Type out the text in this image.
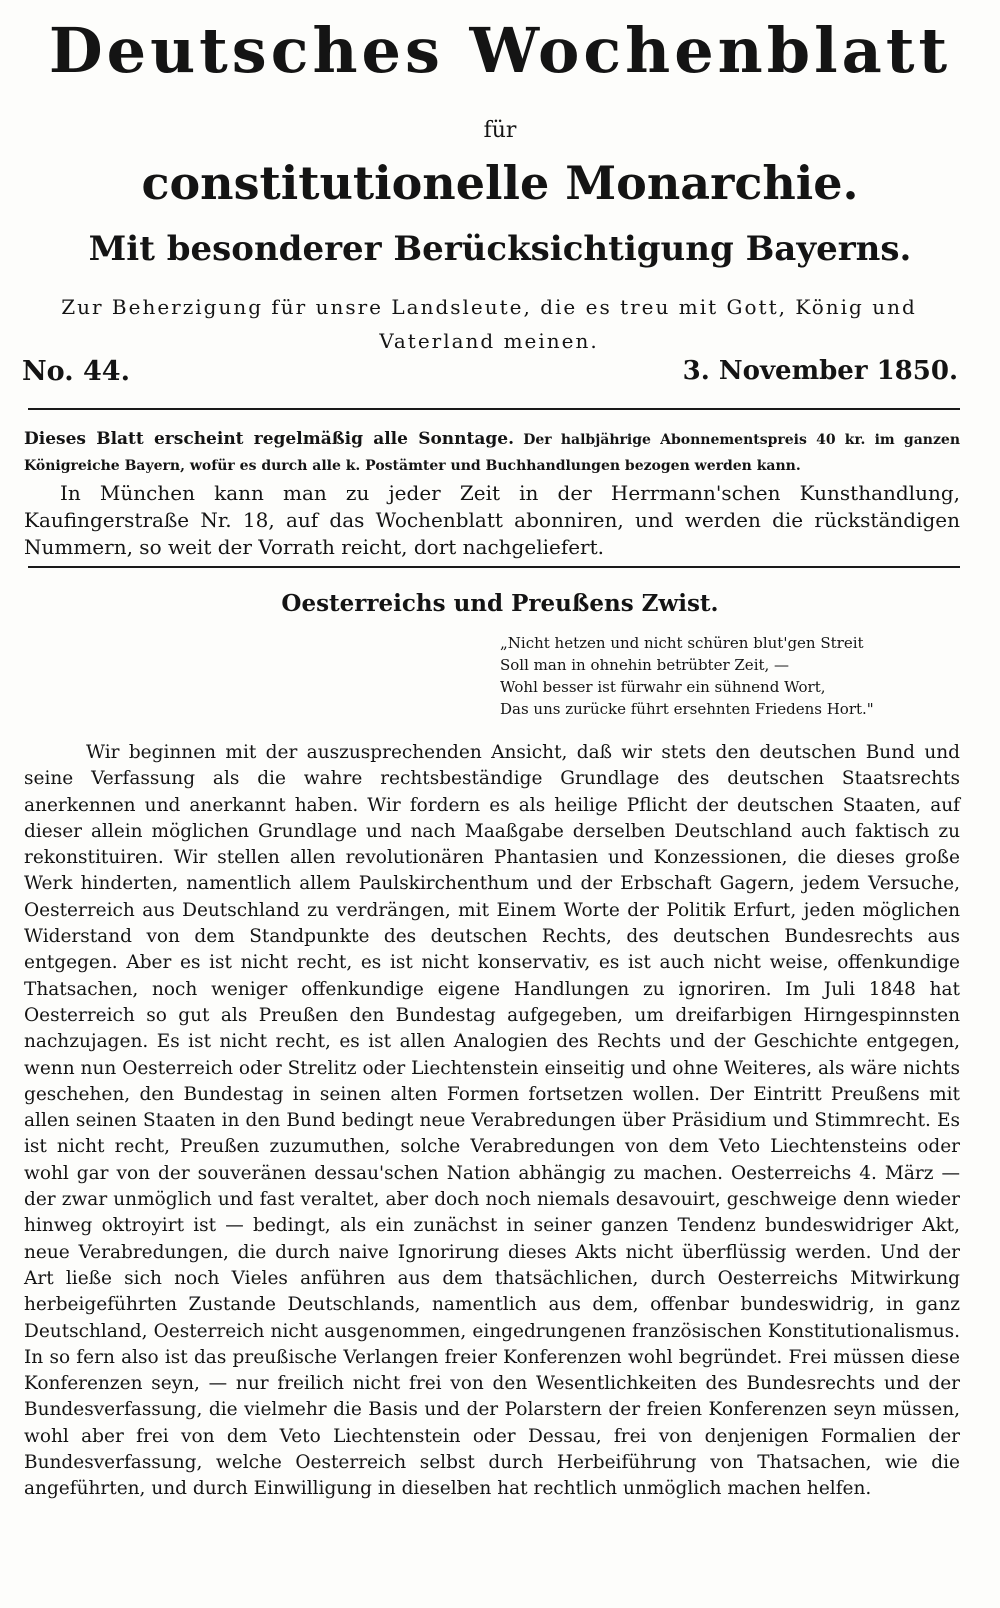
Deutsches Wochenblatt
für
constitutionelle Monarchie.
Mit besonderer Berücksichtigung Bayerns.
Zur Beherzigung für unsre Landsleute, die es treu mit Gott, König und Vaterland meinen.
No. 44.	3. November 1850.
Dieses Blatt erscheint regelmäßig alle Sonntage. Der halbjährige Abonnementspreis 40 kr. im ganzen Königreiche Bayern, wofür es durch alle k. Postämter und Buchhandlungen bezogen werden kann.
In München kann man zu jeder Zeit in der Herrmann'schen Kunsthandlung, Kaufingerstraße Nr. 18, auf das Wochenblatt abonniren, und werden die rückständigen Nummern, so weit der Vorrath reicht, dort nachgeliefert.
Oesterreichs und Preußens Zwist.
„Nicht hetzen und nicht schüren blut'gen Streit
Soll man in ohnehin betrübter Zeit, —
Wohl besser ist fürwahr ein sühnend Wort,
Das uns zurücke führt ersehnten Friedens Hort."
Wir beginnen mit der auszusprechenden Ansicht, daß wir stets den deutschen Bund und seine Verfassung als die wahre rechtsbeständige Grundlage des deutschen Staatsrechts anerkennen und anerkannt haben. Wir fordern es als heilige Pflicht der deutschen Staaten, auf dieser allein möglichen Grundlage und nach Maaßgabe derselben Deutschland auch faktisch zu rekonstituiren. Wir stellen allen revolutionären Phantasien und Konzessionen, die dieses große Werk hinderten, namentlich allem Paulskirchenthum und der Erbschaft Gagern, jedem Versuche, Oesterreich aus Deutschland zu verdrängen, mit Einem Worte der Politik Erfurt, jeden möglichen Widerstand von dem Standpunkte des deutschen Rechts, des deutschen Bundesrechts aus entgegen. Aber es ist nicht recht, es ist nicht konservativ, es ist auch nicht weise, offenkundige Thatsachen, noch weniger offenkundige eigene Handlungen zu ignoriren. Im Juli 1848 hat Oesterreich so gut als Preußen den Bundestag aufgegeben, um dreifarbigen Hirngespinnsten nachzujagen. Es ist nicht recht, es ist allen Analogien des Rechts und der Geschichte entgegen, wenn nun Oesterreich oder Strelitz oder Liechtenstein einseitig und ohne Weiteres, als wäre nichts geschehen, den Bundestag in seinen alten Formen fortsetzen wollen. Der Eintritt Preußens mit allen seinen Staaten in den Bund bedingt neue Verabredungen über Präsidium und Stimmrecht. Es ist nicht recht, Preußen zuzumuthen, solche Verabredungen von dem Veto Liechtensteins oder wohl gar von der souveränen dessau'schen Nation abhängig zu machen. Oesterreichs 4. März — der zwar unmöglich und fast veraltet, aber doch noch niemals desavouirt, geschweige denn wieder hinweg oktroyirt ist — bedingt, als ein zunächst in seiner ganzen Tendenz bundeswidriger Akt, neue Verabredungen, die durch naive Ignorirung dieses Akts nicht überflüssig werden. Und der Art ließe sich noch Vieles anführen aus dem thatsächlichen, durch Oesterreichs Mitwirkung herbeigeführten Zustande Deutschlands, namentlich aus dem, offenbar bundeswidrig, in ganz Deutschland, Oesterreich nicht ausgenommen, eingedrungenen französischen Konstitutionalismus. In so fern also ist das preußische Verlangen freier Konferenzen wohl begründet. Frei müssen diese Konferenzen seyn, — nur freilich nicht frei von den Wesentlichkeiten des Bundesrechts und der Bundesverfassung, die vielmehr die Basis und der Polarstern der freien Konferenzen seyn müssen, wohl aber frei von dem Veto Liechtenstein oder Dessau, frei von denjenigen Formalien der Bundesverfassung, welche Oesterreich selbst durch Herbeiführung von Thatsachen, wie die angeführten, und durch Einwilligung in dieselben hat rechtlich unmöglich machen helfen.
